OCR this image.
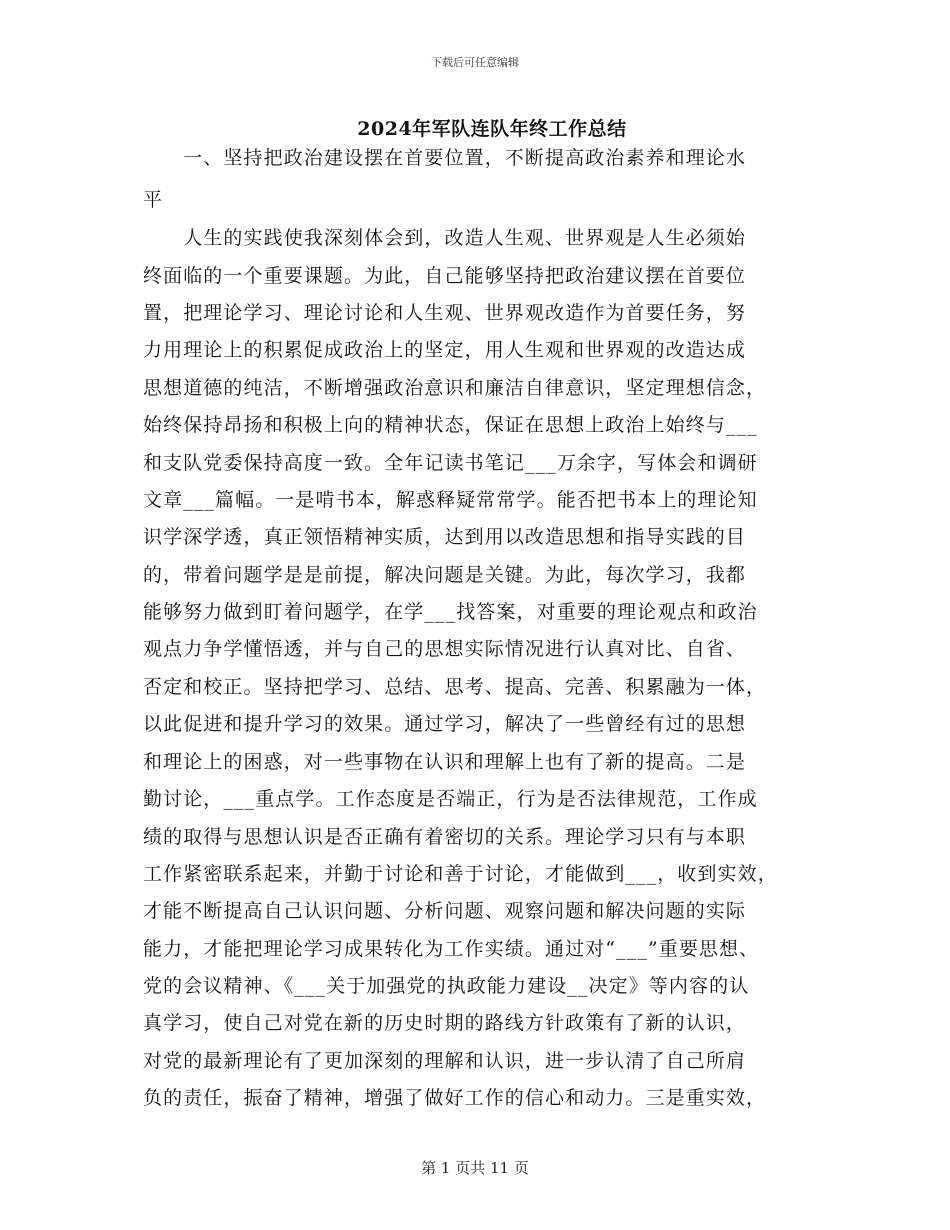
下载后可任意编辑
2024年军队连队年终工作总结
　　一、坚持把政治建设摆在首要位置，不断提高政治素养和理论水
平
　　人生的实践使我深刻体会到，改造人生观、世界观是人生必须始
终面临的一个重要课题。为此，自己能够坚持把政治建议摆在首要位
置，把理论学习、理论讨论和人生观、世界观改造作为首要任务，努
力用理论上的积累促成政治上的坚定，用人生观和世界观的改造达成
思想道德的纯洁，不断增强政治意识和廉洁自律意识，坚定理想信念，
始终保持昂扬和积极上向的精神状态，保证在思想上政治上始终与___
和支队党委保持高度一致。全年记读书笔记___万余字，写体会和调研
文章___篇幅。一是啃书本，解惑释疑常常学。能否把书本上的理论知
识学深学透，真正领悟精神实质，达到用以改造思想和指导实践的目
的，带着问题学是是前提，解决问题是关键。为此，每次学习，我都
能够努力做到盯着问题学，在学___找答案，对重要的理论观点和政治
观点力争学懂悟透，并与自己的思想实际情况进行认真对比、自省、
否定和校正。坚持把学习、总结、思考、提高、完善、积累融为一体，
以此促进和提升学习的效果。通过学习，解决了一些曾经有过的思想
和理论上的困惑，对一些事物在认识和理解上也有了新的提高。二是
勤讨论，___重点学。工作态度是否端正，行为是否法律规范，工作成
绩的取得与思想认识是否正确有着密切的关系。理论学习只有与本职
工作紧密联系起来，并勤于讨论和善于讨论，才能做到___，收到实效，
才能不断提高自己认识问题、分析问题、观察问题和解决问题的实际
能力，才能把理论学习成果转化为工作实绩。通过对“___”重要思想、
党的会议精神、《___关于加强党的执政能力建设__决定》等内容的认
真学习，使自己对党在新的历史时期的路线方针政策有了新的认识，
对党的最新理论有了更加深刻的理解和认识，进一步认清了自己所肩
负的责任，振奋了精神，增强了做好工作的信心和动力。三是重实效，
第 1 页共 11 页
